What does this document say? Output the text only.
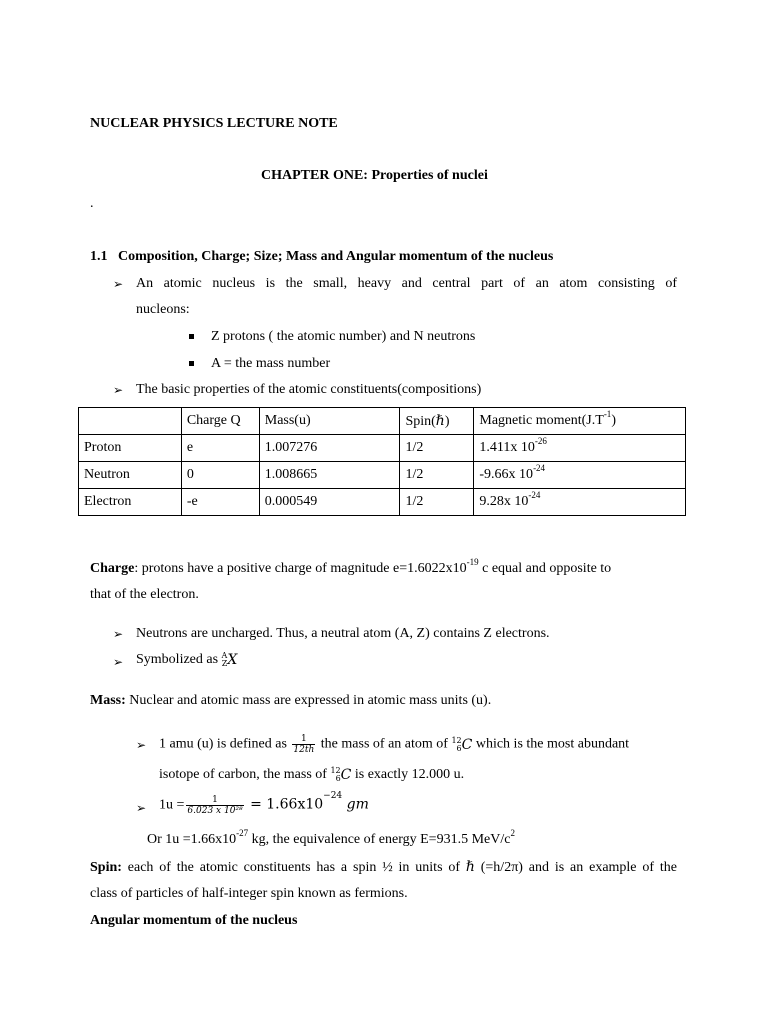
NUCLEAR PHYSICS LECTURE NOTE
CHAPTER ONE: Properties of nuclei
.
1.1 Composition, Charge; Size; Mass and Angular momentum of the nucleus
➢ An atomic nucleus is the small, heavy and central part of an atom consisting of
nucleons:
Z protons ( the atomic number) and N neutrons
A = the mass number
➢ The basic properties of the atomic constituents(compositions)
	Charge Q	Mass(u)	Spin(ℏ)	Magnetic $moment(J.T^{-1})$
Proton	e	1.007276	1/2	1.411x $10^{-26}$
Neutron	0	1.008665	1/2	-9.66x $10^{-24}$
Electron	-e	0.000549	1/2	9.28x $10^{-24}$
Charge: protons have a positive charge of magnitude $e=1.6022x10^{-19}$ c equal and opposite to
that of the electron.
➢ Neutrons are uncharged. Thus, a neutral atom (A, Z) contains Z electrons.
➢ Symbolized as A
Z X
Mass: Nuclear and atomic mass are expressed in atomic mass units (u).
➢ 1 amu (u) is defined as $\frac{1}{12th}$ the mass of an atom of 12
6 C which is the most abundant
isotope of carbon, the mass of 12
6 C is exactly 12.000 u.
➢ $1u = \frac{1}{\text{6.023 x 10²⁸}} = 1.66x10^{-24}$ gm
Or $1u =1.66x10^{-27}$ kg, the equivalence of energy E=931.5 MeV/$c^2$
Spin: each of the atomic constituents has a spin ½ in units of ℏ (=h/2π) and is an example of the
class of particles of half-integer spin known as fermions.
Angular momentum of the nucleus
